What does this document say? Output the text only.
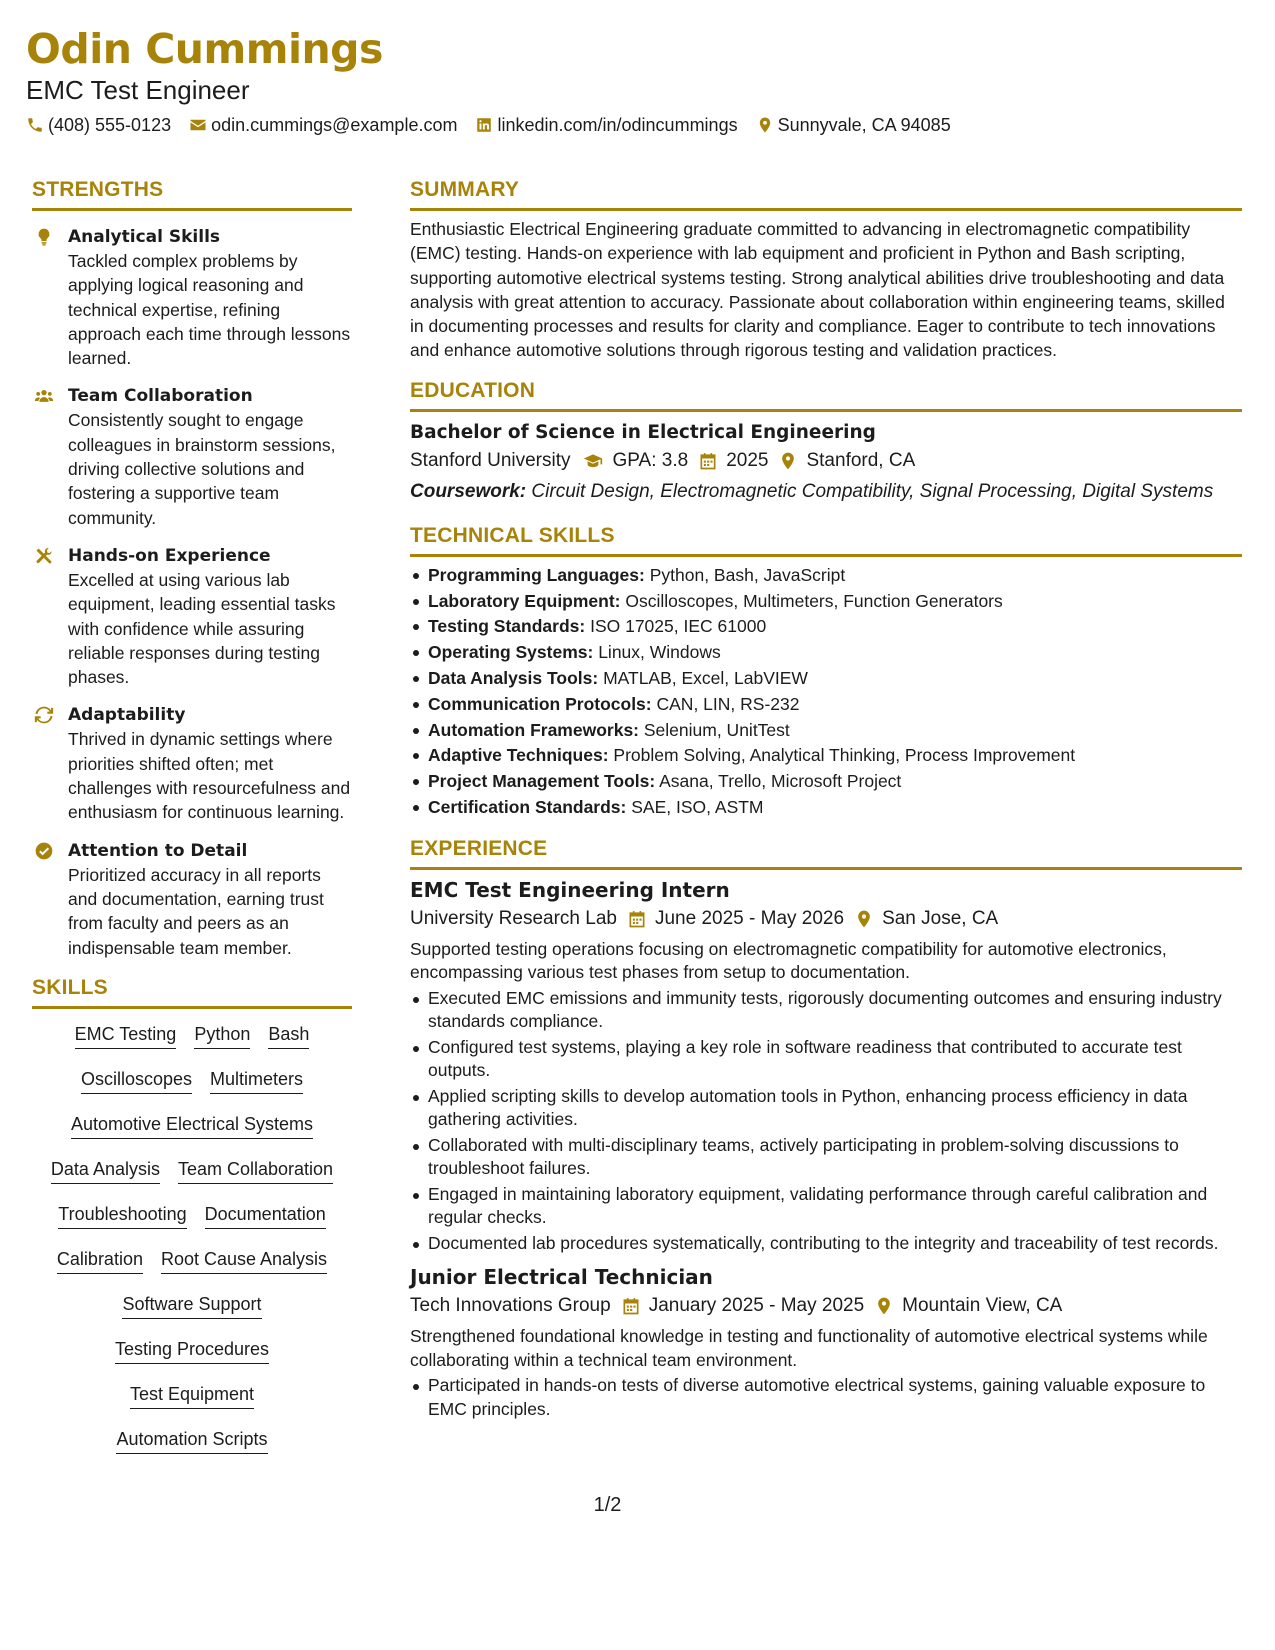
Odin Cummings
EMC Test Engineer
(408) 555-0123 odin.cummings@example.com linkedin.com/in/odincummings Sunnyvale, CA 94085
STRENGTHS
Analytical Skills
Tackled complex problems by applying logical reasoning and technical expertise, refining approach each time through lessons learned.
Team Collaboration
Consistently sought to engage colleagues in brainstorm sessions, driving collective solutions and fostering a supportive team community.
Hands-on Experience
Excelled at using various lab equipment, leading essential tasks with confidence while assuring reliable responses during testing phases.
Adaptability
Thrived in dynamic settings where priorities shifted often; met challenges with resourcefulness and enthusiasm for continuous learning.
Attention to Detail
Prioritized accuracy in all reports and documentation, earning trust from faculty and peers as an indispensable team member.
SKILLS
EMC Testing Python Bash
Oscilloscopes Multimeters
Automotive Electrical Systems
Data Analysis Team Collaboration
Troubleshooting Documentation
Calibration Root Cause Analysis
Software Support
Testing Procedures
Test Equipment
Automation Scripts
SUMMARY
Enthusiastic Electrical Engineering graduate committed to advancing in electromagnetic compatibility (EMC) testing. Hands-on experience with lab equipment and proficient in Python and Bash scripting, supporting automotive electrical systems testing. Strong analytical abilities drive troubleshooting and data analysis with great attention to accuracy. Passionate about collaboration within engineering teams, skilled in documenting processes and results for clarity and compliance. Eager to contribute to tech innovations and enhance automotive solutions through rigorous testing and validation practices.
EDUCATION
Bachelor of Science in Electrical Engineering
Stanford University GPA: 3.8 2025 Stanford, CA
Coursework: Circuit Design, Electromagnetic Compatibility, Signal Processing, Digital Systems
TECHNICAL SKILLS
Programming Languages: Python, Bash, JavaScript
Laboratory Equipment: Oscilloscopes, Multimeters, Function Generators
Testing Standards: ISO 17025, IEC 61000
Operating Systems: Linux, Windows
Data Analysis Tools: MATLAB, Excel, LabVIEW
Communication Protocols: CAN, LIN, RS-232
Automation Frameworks: Selenium, UnitTest
Adaptive Techniques: Problem Solving, Analytical Thinking, Process Improvement
Project Management Tools: Asana, Trello, Microsoft Project
Certification Standards: SAE, ISO, ASTM
EXPERIENCE
EMC Test Engineering Intern
University Research Lab June 2025 - May 2026 San Jose, CA
Supported testing operations focusing on electromagnetic compatibility for automotive electronics, encompassing various test phases from setup to documentation.
Executed EMC emissions and immunity tests, rigorously documenting outcomes and ensuring industry standards compliance.
Configured test systems, playing a key role in software readiness that contributed to accurate test outputs.
Applied scripting skills to develop automation tools in Python, enhancing process efficiency in data gathering activities.
Collaborated with multi-disciplinary teams, actively participating in problem-solving discussions to troubleshoot failures.
Engaged in maintaining laboratory equipment, validating performance through careful calibration and regular checks.
Documented lab procedures systematically, contributing to the integrity and traceability of test records.
Junior Electrical Technician
Tech Innovations Group January 2025 - May 2025 Mountain View, CA
Strengthened foundational knowledge in testing and functionality of automotive electrical systems while collaborating within a technical team environment.
Participated in hands-on tests of diverse automotive electrical systems, gaining valuable exposure to EMC principles.
1/2
